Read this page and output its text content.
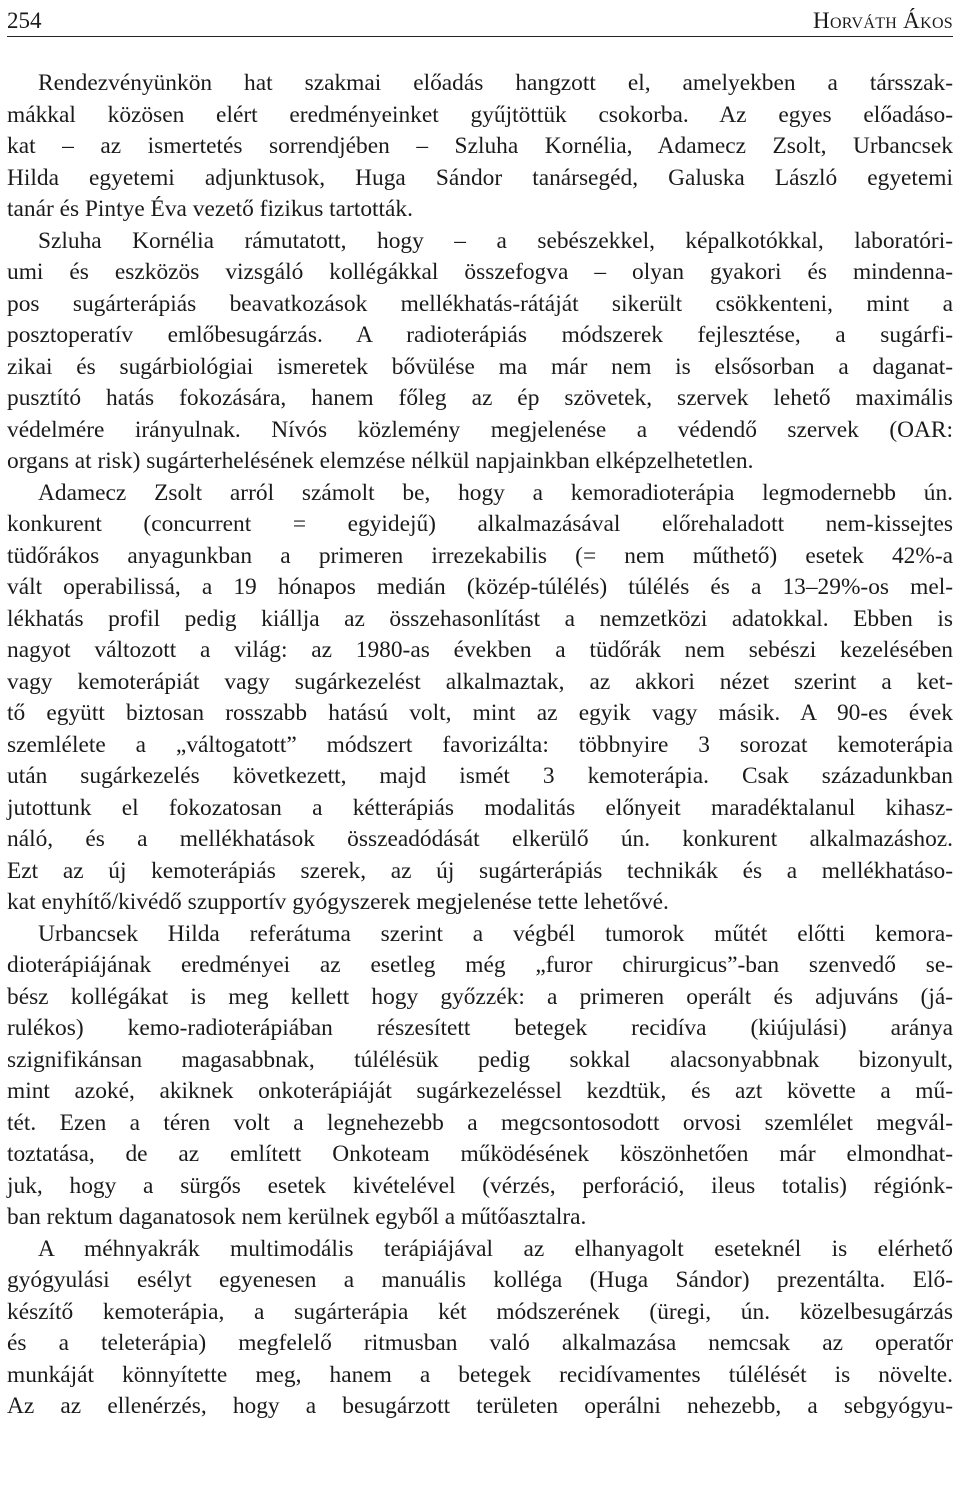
254	Horváth Ákos
Rendezvényünkön hat szakmai előadás hangzott el, amelyekben a társszak-
mákkal közösen elért eredményeinket gyűjtöttük csokorba. Az egyes előadáso-
kat – az ismertetés sorrendjében – Szluha Kornélia, Adamecz Zsolt, Urbancsek
Hilda egyetemi adjunktusok, Huga Sándor tanársegéd, Galuska László egyetemi
tanár és Pintye Éva vezető fizikus tartották.
Szluha Kornélia rámutatott, hogy – a sebészekkel, képalkotókkal, laboratóri-
umi és eszközös vizsgáló kollégákkal összefogva – olyan gyakori és mindenna-
pos sugárterápiás beavatkozások mellékhatás-rátáját sikerült csökkenteni, mint a
posztoperatív emlőbesugárzás. A radioterápiás módszerek fejlesztése, a sugárfi-
zikai és sugárbiológiai ismeretek bővülése ma már nem is elsősorban a daganat-
pusztító hatás fokozására, hanem főleg az ép szövetek, szervek lehető maximális
védelmére irányulnak. Nívós közlemény megjelenése a védendő szervek (OAR:
organs at risk) sugárterhelésének elemzése nélkül napjainkban elképzelhetetlen.
Adamecz Zsolt arról számolt be, hogy a kemoradioterápia legmodernebb ún.
konkurent (concurrent = egyidejű) alkalmazásával előrehaladott nem-kissejtes
tüdőrákos anyagunkban a primeren irrezekabilis (= nem műthető) esetek 42%-a
vált operabilissá, a 19 hónapos medián (közép-túlélés) túlélés és a 13–29%-os mel-
lékhatás profil pedig kiállja az összehasonlítást a nemzetközi adatokkal. Ebben is
nagyot változott a világ: az 1980-as években a tüdőrák nem sebészi kezelésében
vagy kemoterápiát vagy sugárkezelést alkalmaztak, az akkori nézet szerint a ket-
tő együtt biztosan rosszabb hatású volt, mint az egyik vagy másik. A 90-es évek
szemlélete a „váltogatott” módszert favorizálta: többnyire 3 sorozat kemoterápia
után sugárkezelés következett, majd ismét 3 kemoterápia. Csak századunkban
jutottunk el fokozatosan a kétterápiás modalitás előnyeit maradéktalanul kihasz-
náló, és a mellékhatások összeadódását elkerülő ún. konkurent alkalmazáshoz.
Ezt az új kemoterápiás szerek, az új sugárterápiás technikák és a mellékhatáso-
kat enyhítő/kivédő szupportív gyógyszerek megjelenése tette lehetővé.
Urbancsek Hilda referátuma szerint a végbél tumorok műtét előtti kemora-
dioterápiájának eredményei az esetleg még „furor chirurgicus”-ban szenvedő se-
bész kollégákat is meg kellett hogy győzzék: a primeren operált és adjuváns (já-
rulékos) kemo-radioterápiában részesített betegek recidíva (kiújulási) aránya
szignifikánsan magasabbnak, túlélésük pedig sokkal alacsonyabbnak bizonyult,
mint azoké, akiknek onkoterápiáját sugárkezeléssel kezdtük, és azt követte a mű-
tét. Ezen a téren volt a legnehezebb a megcsontosodott orvosi szemlélet megvál-
toztatása, de az említett Onkoteam működésének köszönhetően már elmondhat-
juk, hogy a sürgős esetek kivételével (vérzés, perforáció, ileus totalis) régiónk-
ban rektum daganatosok nem kerülnek egyből a műtőasztalra.
A méhnyakrák multimodális terápiájával az elhanyagolt eseteknél is elérhető
gyógyulási esélyt egyenesen a manuális kolléga (Huga Sándor) prezentálta. Elő-
készítő kemoterápia, a sugárterápia két módszerének (üregi, ún. közelbesugárzás
és a teleterápia) megfelelő ritmusban való alkalmazása nemcsak az operatőr
munkáját könnyítette meg, hanem a betegek recidívamentes túlélését is növelte.
Az az ellenérzés, hogy a besugárzott területen operálni nehezebb, a sebgyógyu-
